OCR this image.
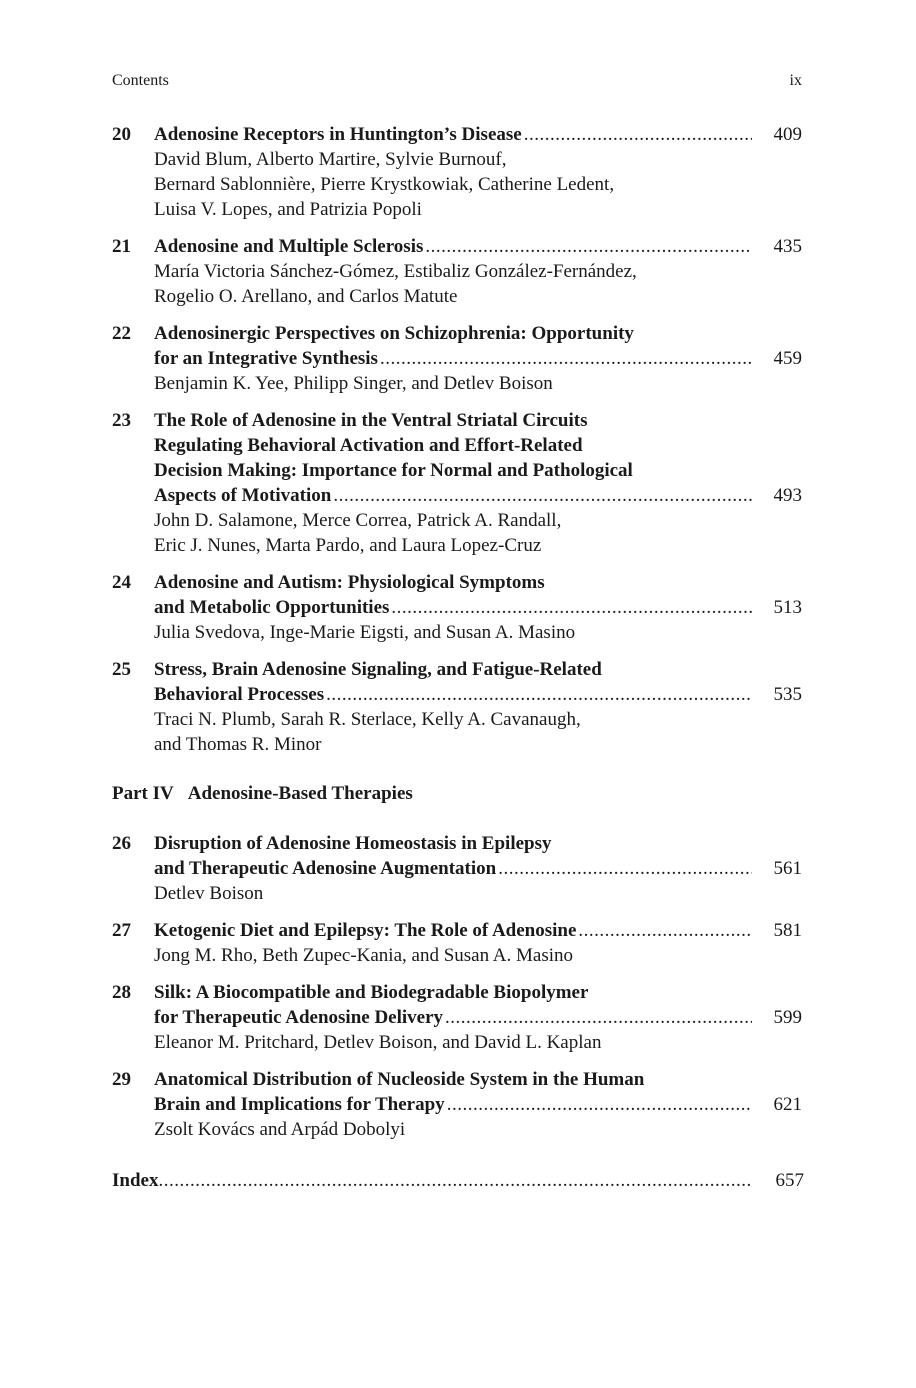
Contents	ix
20 Adenosine Receptors in Huntington’s Disease
.....
David Blum, Alberto Martire, Sylvie Burnouf,
Bernard Sablonnière, Pierre Krystkowiak, Catherine Ledent,
Luisa V. Lopes, and Patrizia Popoli
409
21 Adenosine and Multiple Sclerosis
.....
María Victoria Sánchez-Gómez, Estibaliz González-Fernández,
Rogelio O. Arellano, and Carlos Matute
435
22 Adenosinergic Perspectives on Schizophrenia: Opportunity
for an Integrative Synthesis
.....
Benjamin K. Yee, Philipp Singer, and Detlev Boison
459
23 The Role of Adenosine in the Ventral Striatal Circuits
Regulating Behavioral Activation and Effort-Related
Decision Making: Importance for Normal and Pathological
Aspects of Motivation
.....
John D. Salamone, Merce Correa, Patrick A. Randall,
Eric J. Nunes, Marta Pardo, and Laura Lopez-Cruz
493
24 Adenosine and Autism: Physiological Symptoms
and Metabolic Opportunities
.....
Julia Svedova, Inge-Marie Eigsti, and Susan A. Masino
513
25 Stress, Brain Adenosine Signaling, and Fatigue-Related
Behavioral Processes
.....
Traci N. Plumb, Sarah R. Sterlace, Kelly A. Cavanaugh,
and Thomas R. Minor
535
Part IV Adenosine-Based Therapies
26 Disruption of Adenosine Homeostasis in Epilepsy
and Therapeutic Adenosine Augmentation
.....
Detlev Boison
561
27 Ketogenic Diet and Epilepsy: The Role of Adenosine
.....
Jong M. Rho, Beth Zupec-Kania, and Susan A. Masino
581
28 Silk: A Biocompatible and Biodegradable Biopolymer
for Therapeutic Adenosine Delivery
.....
Eleanor M. Pritchard, Detlev Boison, and David L. Kaplan
599
29 Anatomical Distribution of Nucleoside System in the Human
Brain and Implications for Therapy
.....
Zsolt Kovács and Arpád Dobolyi
621
Index
.....	657
